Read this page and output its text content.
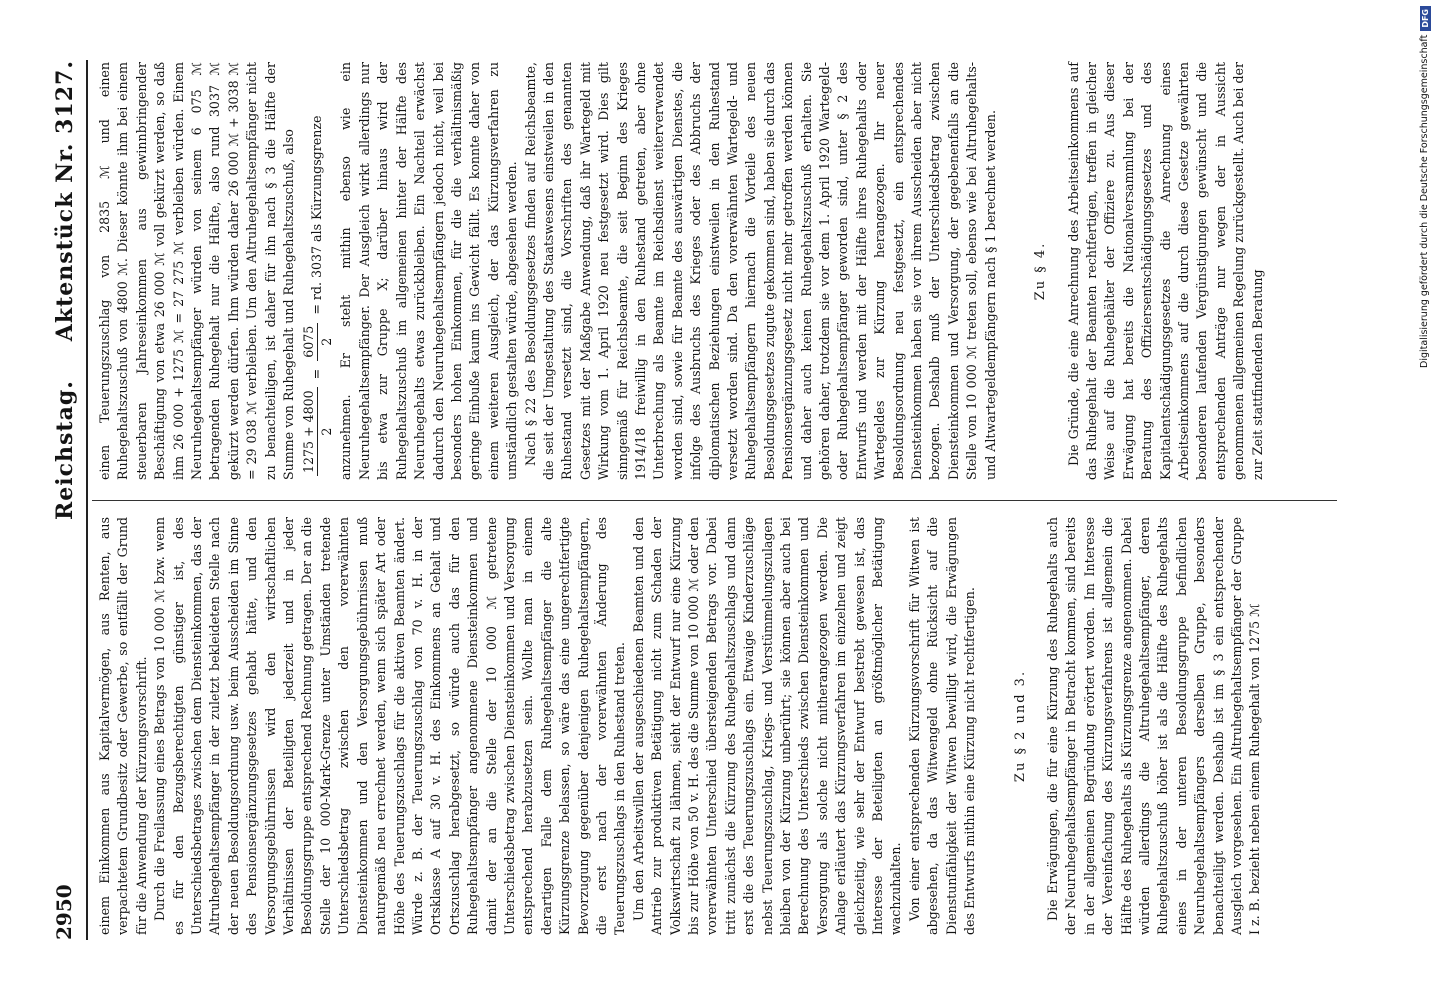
2950
Reichstag.
Aktenstück Nr. 3127.

einem Einkommen aus Kapitalvermögen, aus Renten, aus verpachtetem Grundbesitz oder Gewerbe, so entfällt der Grund für die Anwendung der Kürzungsvorschrift. Durch die Freilassung eines Betrags von 10 000 ℳ bzw. wenn es für den Bezugsberechtigten günstiger ist, des Unterschiedsbetrages zwischen dem Diensteinkommen, das der Altruhegehaltsempfänger in der zuletzt bekleideten Stelle nach der neuen Besoldungsordnung usw. beim Ausscheiden im Sinne des Pensionsergänzungsgesetzes gehabt hätte, und den Versorgungsgebührnissen wird den wirtschaftlichen Verhältnissen der Beteiligten jederzeit und in jeder Besoldungsgruppe entsprechend Rechnung getragen. Der an die Stelle der 10 000-Mark-Grenze unter Umständen tretende Unterschiedsbetrag zwischen den vorerwähnten Diensteinkommen und den Versorgungsgebührnissen muß naturgemäß neu errechnet werden, wenn sich später Art oder Höhe des Teuerungszuschlags für die aktiven Beamten ändert. Würde z. B. der Teuerungszuschlag von 70 v. H. in der Ortsklasse A auf 30 v. H. des Einkommens an Gehalt und Ortszuschlag herabgesetzt, so würde auch das für den Ruhegehaltsempfänger angenommene Diensteinkommen und damit der an die Stelle der 10 000 ℳ getretene Unterschiedsbetrag zwischen Diensteinkommen und Versorgung entsprechend herabzusetzen sein. Wollte man in einem derartigen Falle dem Ruhegehaltsempfänger die alte Kürzungsgrenze belassen, so wäre das eine ungerechtfertigte Bevorzugung gegenüber denjenigen Ruhegehaltsempfängern, die erst nach der vorerwähnten Änderung des Teuerungszuschlags in den Ruhestand treten. Um den Arbeitswillen der ausgeschiedenen Beamten und den Antrieb zur produktiven Betätigung nicht zum Schaden der Volkswirtschaft zu lähmen, sieht der Entwurf nur eine Kürzung bis zur Höhe von 50 v. H. des die Summe von 10 000 ℳ oder den vorerwähnten Unterschied übersteigenden Betrags vor. Dabei tritt zunächst die Kürzung des Ruhegehaltszuschlags und dann erst die des Teuerungszuschlags ein. Etwaige Kinderzuschläge nebst Teuerungszuschlag, Kriegs- und Verstümmelungszulagen bleiben von der Kürzung unberührt; sie können aber auch bei Berechnung des Unterschieds zwischen Diensteinkommen und Versorgung als solche nicht mitherangezogen werden. Die Anlage erläutert das Kürzungsverfahren im einzelnen und zeigt gleichzeitig, wie sehr der Entwurf bestrebt gewesen ist, das Interesse der Beteiligten an größtmöglicher Betätigung wachzuhalten. Von einer entsprechenden Kürzungsvorschrift für Witwen ist abgesehen, da das Witwengeld ohne Rücksicht auf die Dienstunfähigkeit der Witwen bewilligt wird, die Erwägungen des Entwurfs mithin eine Kürzung nicht rechtfertigen.	Zu § 2 und 3. Die Erwägungen, die für eine Kürzung des Ruhegehalts auch der Neuruhegehaltsempfänger in Betracht kommen, sind bereits in der allgemeinen Begründung erörtert worden. Im Interesse der Vereinfachung des Kürzungsverfahrens ist allgemein die Hälfte des Ruhegehalts als Kürzungsgrenze angenommen. Dabei würden allerdings die Altruhegehaltsempfänger, deren Ruhegehaltszuschuß höher ist als die Hälfte des Ruhegehalts eines in der unteren Besoldungsgruppe befindlichen Neuruhegehaltsempfängers derselben Gruppe, besonders benachteiligt werden. Deshalb ist im § 3 ein entsprechender Ausgleich vorgesehen. Ein Altruhegehaltsempfänger der Gruppe I z. B. bezieht neben einem Ruhegehalt von 1275 ℳ

einen Teuerungszuschlag von 2835 ℳ und einen Ruhegehaltszuschuß von 4800 ℳ. Dieser könnte ihm bei einem steuerbaren Jahreseinkommen aus gewinnbringender Beschäftigung von etwa 26 000 ℳ voll gekürzt werden, so daß ihm 26 000 + 1275 ℳ = 27 275 ℳ verbleiben würden. Einem Neuruhegehaltsempfänger würden von seinem 6 075 ℳ betragenden Ruhegehalt nur die Hälfte, also rund 3037 ℳ gekürzt werden dürfen. Ihm würden daher 26 000 ℳ + 3038 ℳ = 29 038 ℳ verbleiben. Um den Altruhegehaltsempfänger nicht zu benachteiligen, ist daher für ihn nach § 3 die Hälfte der Summe von Ruhegehalt und Ruhegehaltszuschuß, also 1275 + 4800 2
=
6075 2
= rd. 3037 als Kürzungsgrenze	anzunehmen. Er steht mithin ebenso wie ein Neuruhegehaltsempfänger. Der Ausgleich wirkt allerdings nur bis etwa zur Gruppe X; darüber hinaus wird der Ruhegehaltszuschuß im allgemeinen hinter der Hälfte des Neuruhegehalts etwas zurückbleiben. Ein Nachteil erwächst dadurch den Neuruhegehaltsempfängern jedoch nicht, weil bei besonders hohen Einkommen, für die die verhältnismäßig geringe Einbuße kaum ins Gewicht fällt. Es konnte daher von einem weiteren Ausgleich, der das Kürzungsverfahren zu umständlich gestalten würde, abgesehen werden. Nach § 22 des Besoldungsgesetzes finden auf Reichsbeamte, die seit der Umgestaltung des Staatswesens einstweilen in den Ruhestand versetzt sind, die Vorschriften des genannten Gesetzes mit der Maßgabe Anwendung, daß ihr Wartegeld mit Wirkung vom 1. April 1920 neu festgesetzt wird. Dies gilt sinngemäß für Reichsbeamte, die seit Beginn des Krieges 1914/18 freiwillig in den Ruhestand getreten, aber ohne Unterbrechung als Beamte im Reichsdienst weiterverwendet worden sind, sowie für Beamte des auswärtigen Dienstes, die infolge des Ausbruchs des Krieges oder des Abbruchs der diplomatischen Beziehungen einstweilen in den Ruhestand versetzt worden sind. Da den vorerwähnten Wartegeld- und Ruhegehaltsempfängern hiernach die Vorteile des neuen Besoldungsgesetzes zugute gekommen sind, haben sie durch das Pensionsergänzungsgesetz nicht mehr getroffen werden können und daher auch keinen Ruhegehaltszuschuß erhalten. Sie gehören daher, trotzdem sie vor dem 1. April 1920 Wartegeld- oder Ruhegehaltsempfänger geworden sind, unter § 2 des Entwurfs und werden mit der Hälfte ihres Ruhegehalts oder Wartegeldes zur Kürzung herangezogen. Ihr neuer Besoldungsordnung neu festgesetzt, ein entsprechendes Diensteinkommen haben sie vor ihrem Ausscheiden aber nicht bezogen. Deshalb muß der Unterschiedsbetrag zwischen Diensteinkommen und Versorgung, der gegebenenfalls an die Stelle von 10 000 ℳ treten soll, ebenso wie bei Altruhegehalts- und Altwartegeldempfängern nach § 1 berechnet werden.	Zu § 4. Die Gründe, die eine Anrechnung des Arbeitseinkommens auf das Ruhegehalt der Beamten rechtfertigen, treffen in gleicher Weise auf die Ruhegehälter der Offiziere zu. Aus dieser Erwägung hat bereits die Nationalversammlung bei der Beratung des Offiziersentschädigungsgesetzes und des Kapitalentschädigungsgesetzes die Anrechnung eines Arbeitseinkommens auf die durch diese Gesetze gewährten besonderen laufenden Vergünstigungen gewünscht und die entsprechenden Anträge nur wegen der in Aussicht genommenen allgemeinen Regelung zurückgestellt. Auch bei der zur Zeit stattfindenden Beratung

Digitalisierung gefördert durch die Deutsche Forschungsgemeinschaft
DFG
